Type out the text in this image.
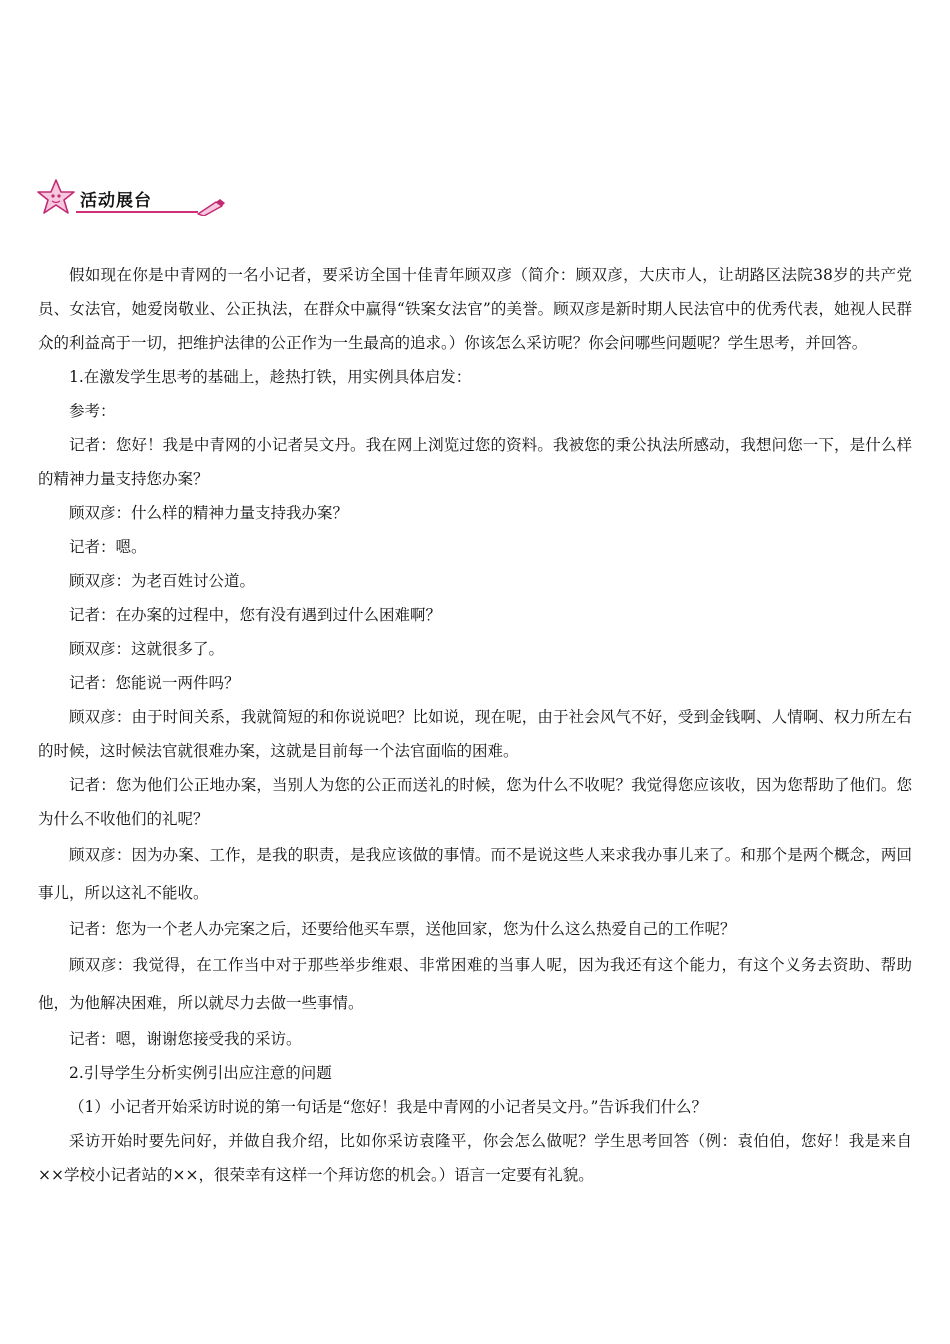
活动展台

假如现在你是中青网的一名小记者，要采访全国十佳青年顾双彦（简介：顾双彦，大庆市人，让胡路区法院38岁的共产党员、女法官，她爱岗敬业、公正执法，在群众中赢得“铁案女法官”的美誉。顾双彦是新时期人民法官中的优秀代表，她视人民群众的利益高于一切，把维护法律的公正作为一生最高的追求。）你该怎么采访呢？你会问哪些问题呢？学生思考，并回答。

1.在激发学生思考的基础上，趁热打铁，用实例具体启发：

参考：

记者：您好！我是中青网的小记者吴文丹。我在网上浏览过您的资料。我被您的秉公执法所感动，我想问您一下，是什么样的精神力量支持您办案？

顾双彦：什么样的精神力量支持我办案？

记者：嗯。

顾双彦：为老百姓讨公道。

记者：在办案的过程中，您有没有遇到过什么困难啊？

顾双彦：这就很多了。

记者：您能说一两件吗？

顾双彦：由于时间关系，我就简短的和你说说吧？比如说，现在呢，由于社会风气不好，受到金钱啊、人情啊、权力所左右的时候，这时候法官就很难办案，这就是目前每一个法官面临的困难。

记者：您为他们公正地办案，当别人为您的公正而送礼的时候，您为什么不收呢？我觉得您应该收，因为您帮助了他们。您为什么不收他们的礼呢？

顾双彦：因为办案、工作，是我的职责，是我应该做的事情。而不是说这些人来求我办事儿来了。和那个是两个概念，两回事儿，所以这礼不能收。

记者：您为一个老人办完案之后，还要给他买车票，送他回家，您为什么这么热爱自己的工作呢？

顾双彦：我觉得，在工作当中对于那些举步维艰、非常困难的当事人呢，因为我还有这个能力，有这个义务去资助、帮助他，为他解决困难，所以就尽力去做一些事情。

记者：嗯，谢谢您接受我的采访。

2.引导学生分析实例引出应注意的问题

（1）小记者开始采访时说的第一句话是“您好！我是中青网的小记者吴文丹。”告诉我们什么？

采访开始时要先问好，并做自我介绍，比如你采访袁隆平，你会怎么做呢？学生思考回答（例：袁伯伯，您好！我是来自××学校小记者站的××，很荣幸有这样一个拜访您的机会。）语言一定要有礼貌。
